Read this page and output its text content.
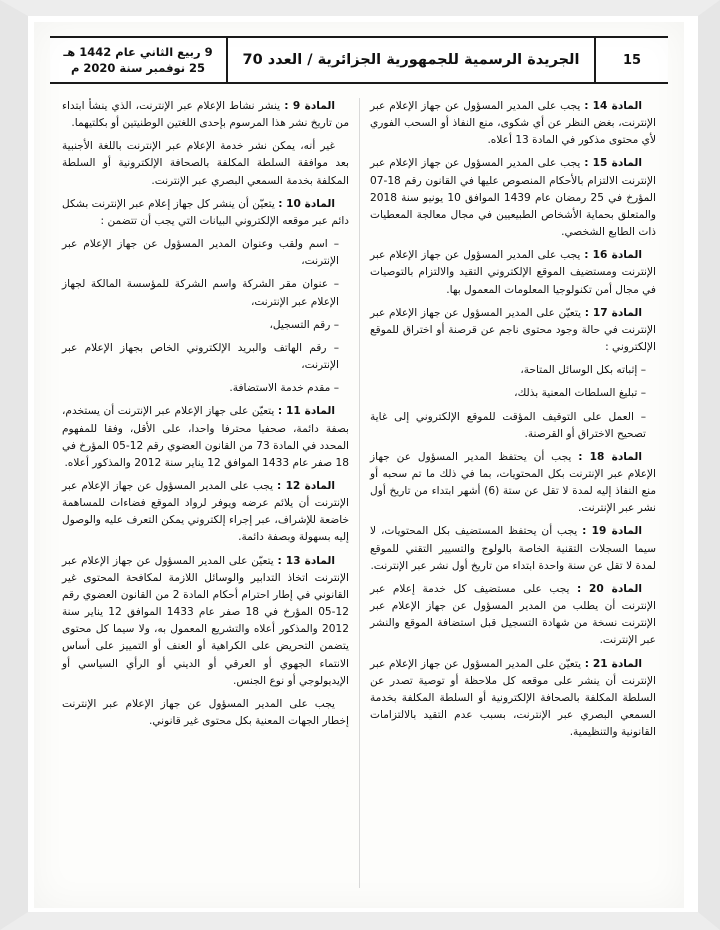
15
الجريدة الرسمية للجمهورية الجزائرية / العدد 70
9 ربيع الثاني عام 1442 هـ
25 نوفمبر سنة 2020 م

المادة 14 : يجب على المدير المسؤول عن جهاز الإعلام عبر الإنترنت، بغض النظر عن أي شكوى، منع النفاذ أو السحب الفوري لأي محتوى مذكور في المادة 13 أعلاه.

المادة 15 : يجب على المدير المسؤول عن جهاز الإعلام عبر الإنترنت الالتزام بالأحكام المنصوص عليها في القانون رقم 18-07 المؤرخ في 25 رمضان عام 1439 الموافق 10 يونيو سنة 2018 والمتعلق بحماية الأشخاص الطبيعيين في مجال معالجة المعطيات ذات الطابع الشخصي.

المادة 16 : يجب على المدير المسؤول عن جهاز الإعلام عبر الإنترنت ومستضيف الموقع الإلكتروني التقيد والالتزام بالتوصيات في مجال أمن تكنولوجيا المعلومات المعمول بها.

المادة 17 : يتعيّن على المدير المسؤول عن جهاز الإعلام عبر الإنترنت في حالة وجود محتوى ناجم عن قرصنة أو اختراق للموقع الإلكتروني :

– إثباته بكل الوسائل المتاحة،

– تبليغ السلطات المعنية بذلك،

– العمل على التوقيف المؤقت للموقع الإلكتروني إلى غاية تصحيح الاختراق أو القرصنة.

المادة 18 : يجب أن يحتفظ المدير المسؤول عن جهاز الإعلام عبر الإنترنت بكل المحتويات، بما في ذلك ما تم سحبه أو منع النفاذ إليه لمدة لا تقل عن ستة (6) أشهر ابتداء من تاريخ أول نشر عبر الإنترنت.

المادة 19 : يجب أن يحتفظ المستضيف بكل المحتويات، لا سيما السجلات التقنية الخاصة بالولوج والتسيير التقني للموقع لمدة لا تقل عن سنة واحدة ابتداء من تاريخ أول نشر عبر الإنترنت.

المادة 20 : يجب على مستضيف كل خدمة إعلام عبر الإنترنت أن يطلب من المدير المسؤول عن جهاز الإعلام عبر الإنترنت نسخة من شهادة التسجيل قبل استضافة الموقع والنشر عبر الإنترنت.

المادة 21 : يتعيّن على المدير المسؤول عن جهاز الإعلام عبر الإنترنت أن ينشر على موقعه كل ملاحظة أو توصية تصدر عن السلطة المكلفة بالصحافة الإلكترونية أو السلطة المكلفة بخدمة السمعي البصري عبر الإنترنت، بسبب عدم التقيد بالالتزامات القانونية والتنظيمية.

المادة 9 : ينشر نشاط الإعلام عبر الإنترنت، الذي ينشأ ابتداء من تاريخ نشر هذا المرسوم بإحدى اللغتين الوطنيتين أو بكلتيهما.

غير أنه، يمكن نشر خدمة الإعلام عبر الإنترنت باللغة الأجنبية بعد موافقة السلطة المكلفة بالصحافة الإلكترونية أو السلطة المكلفة بخدمة السمعي البصري عبر الإنترنت.

المادة 10 : يتعيّن أن ينشر كل جهاز إعلام عبر الإنترنت بشكل دائم عبر موقعه الإلكتروني البيانات التي يجب أن تتضمن :

– اسم ولقب وعنوان المدير المسؤول عن جهاز الإعلام عبر الإنترنت،

– عنوان مقر الشركة واسم الشركة للمؤسسة المالكة لجهاز الإعلام عبر الإنترنت،

– رقم التسجيل،

– رقم الهاتف والبريد الإلكتروني الخاص بجهاز الإعلام عبر الإنترنت،

– مقدم خدمة الاستضافة.

المادة 11 : يتعيّن على جهاز الإعلام عبر الإنترنت أن يستخدم، بصفة دائمة، صحفيا محترفا واحدا، على الأقل، وفقا للمفهوم المحدد في المادة 73 من القانون العضوي رقم 12-05 المؤرخ في 18 صفر عام 1433 الموافق 12 يناير سنة 2012 والمذكور أعلاه.

المادة 12 : يجب على المدير المسؤول عن جهاز الإعلام عبر الإنترنت أن يلائم عرضه ويوفر لرواد الموقع فضاءات للمساهمة خاضعة للإشراف، عبر إجراء إلكتروني يمكن التعرف عليه والوصول إليه بسهولة وبصفة دائمة.

المادة 13 : يتعيّن على المدير المسؤول عن جهاز الإعلام عبر الإنترنت اتخاذ التدابير والوسائل اللازمة لمكافحة المحتوى غير القانوني في إطار احترام أحكام المادة 2 من القانون العضوي رقم 12-05 المؤرخ في 18 صفر عام 1433 الموافق 12 يناير سنة 2012 والمذكور أعلاه والتشريع المعمول به، ولا سيما كل محتوى يتضمن التحريض على الكراهية أو العنف أو التمييز على أساس الانتماء الجهوي أو العرقي أو الديني أو الرأي السياسي أو الإيديولوجي أو نوع الجنس.

يجب على المدير المسؤول عن جهاز الإعلام عبر الإنترنت إخطار الجهات المعنية بكل محتوى غير قانوني.
